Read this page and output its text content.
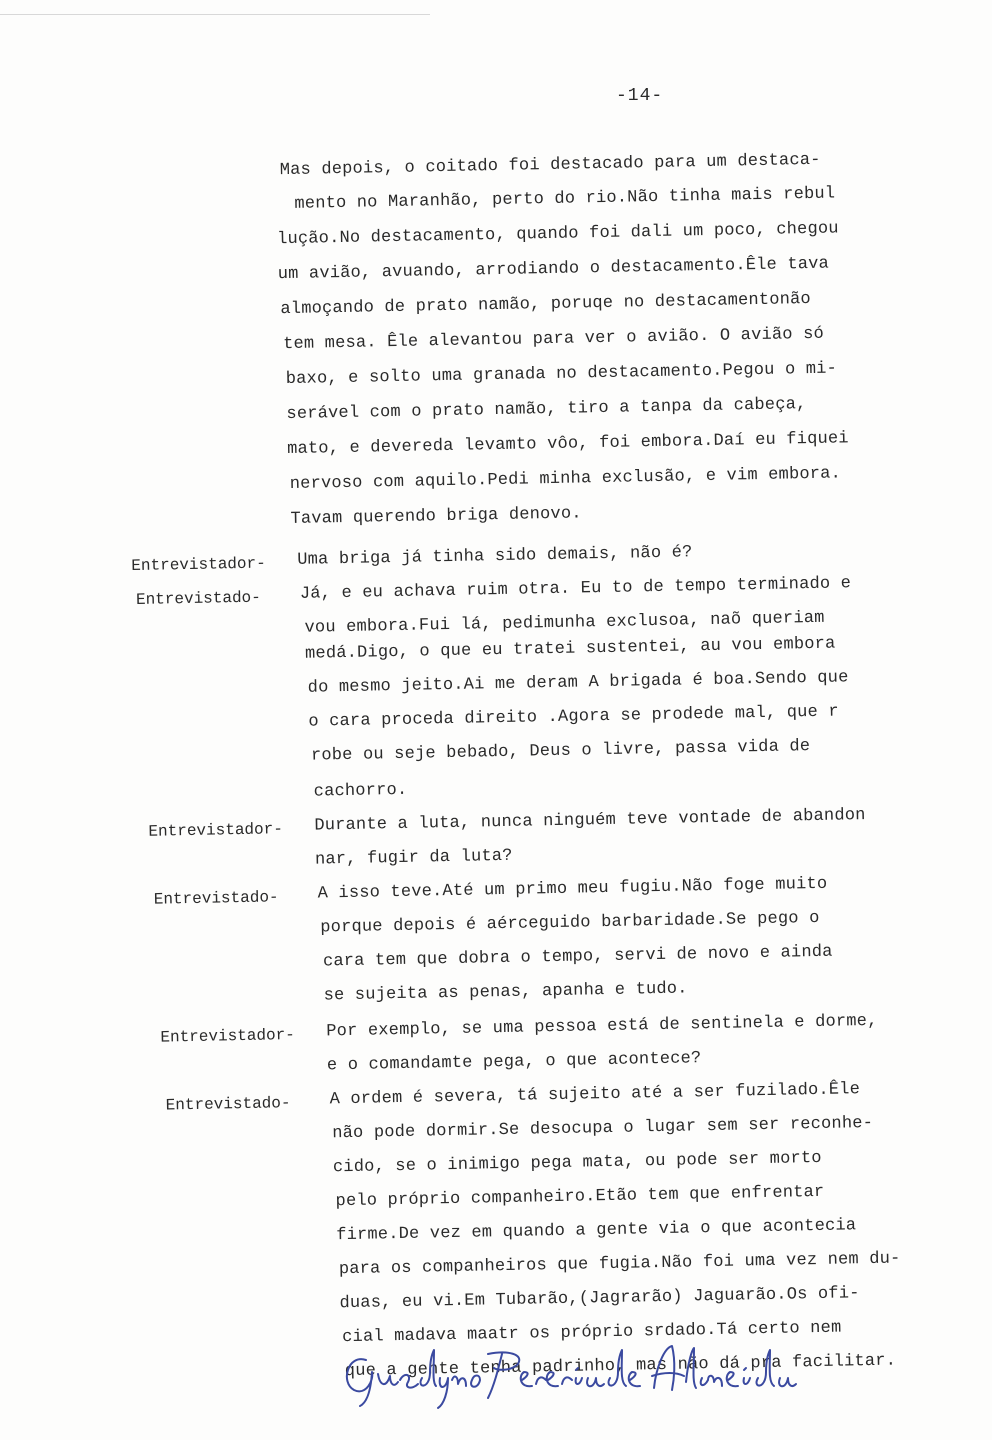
-14-
Mas depois, o coitado foi destacado para um destaca-
mento no Maranhão, perto do rio.Não tinha mais rebul
lução.No destacamento, quando foi dali um poco, chegou
um avião, avuando, arrodiando o destacamento.Êle tava
almoçando de prato namão, poruqe no destacamentonão
tem mesa. Êle alevantou para ver o avião. O avião só
baxo, e solto uma granada no destacamento.Pegou o mi-
serável com o prato namão, tiro a tanpa da cabeça,
mato, e devereda levamto vôo, foi embora.Daí eu fiquei
nervoso com aquilo.Pedi minha exclusão, e vim embora.
Tavam querendo briga denovo.
Entrevistador- Uma briga já tinha sido demais, não é?
Entrevistado- Já, e eu achava ruim otra. Eu to de tempo terminado e
vou embora.Fui lá, pedimunha exclusoa, naõ queriam
medá.Digo, o que eu tratei sustentei, au vou embora
do mesmo jeito.Ai me deram A brigada é boa.Sendo que
o cara proceda direito .Agora se prodede mal, que r
robe ou seje bebado, Deus o livre, passa vida de
cachorro.
Entrevistador- Durante a luta, nunca ninguém teve vontade de abandon
nar, fugir da luta?
Entrevistado- A isso teve.Até um primo meu fugiu.Não foge muito
porque depois é aérceguido barbaridade.Se pego o
cara tem que dobra o tempo, servi de novo e ainda
se sujeita as penas, apanha e tudo.
Entrevistador- Por exemplo, se uma pessoa está de sentinela e dorme,
e o comandamte pega, o que acontece?
Entrevistado- A ordem é severa, tá sujeito até a ser fuzilado.Êle
não pode dormir.Se desocupa o lugar sem ser reconhe-
cido, se o inimigo pega mata, ou pode ser morto
pelo próprio companheiro.Etão tem que enfrentar
firme.De vez em quando a gente via o que acontecia
para os companheiros que fugia.Não foi uma vez nem du-
duas, eu vi.Em Tubarão,(Jagrarão) Jaguarão.Os ofi-
cial madava maatr os próprio srdado.Tá certo nem
que a gente tenha padrinho, mas não dá pra facilitar.
